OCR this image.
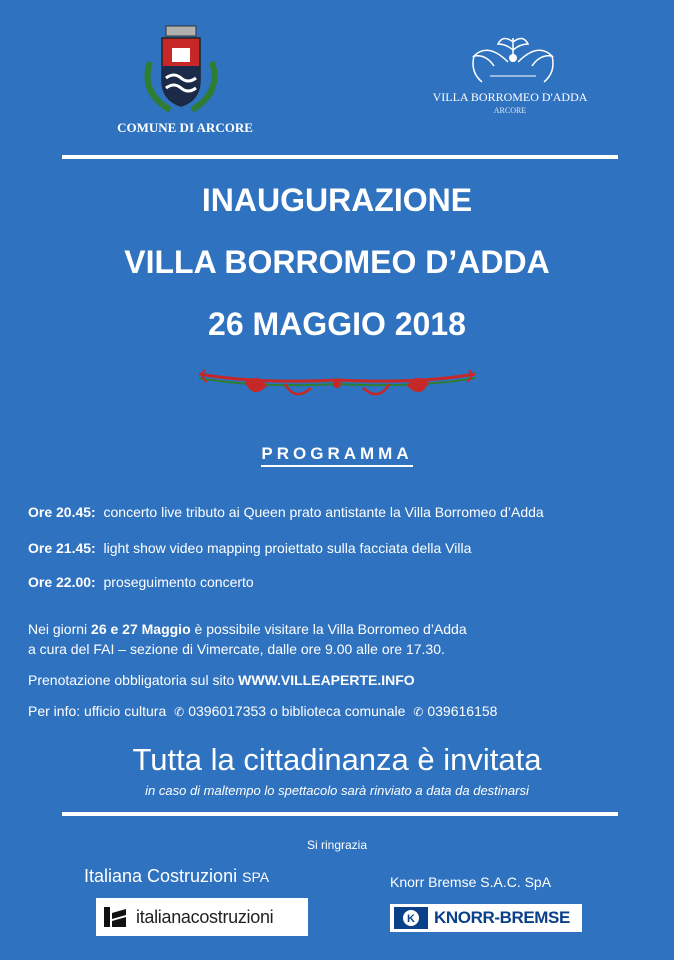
COMUNE DI ARCORE
VILLA BORROMEO D'ADDA
ARCORE
INAUGURAZIONE
VILLA BORROMEO D’ADDA
26 MAGGIO 2018
PROGRAMMA
Ore 20.45: concerto live tributo ai Queen prato antistante la Villa Borromeo d’Adda
Ore 21.45: light show video mapping proiettato sulla facciata della Villa
Ore 22.00: proseguimento concerto
Nei giorni 26 e 27 Maggio è possibile visitare la Villa Borromeo d’Adda
a cura del FAI – sezione di Vimercate, dalle ore 9.00 alle ore 17.30.
Prenotazione obbligatoria sul sito WWW.VILLEAPERTE.INFO
Per info: ufficio cultura ✆ 0396017353 o biblioteca comunale ✆ 039616158
Tutta la cittadinanza è invitata
in caso di maltempo lo spettacolo sarà rinviato a data da destinarsi
Si ringrazia
Italiana Costruzioni SPA	Knorr Bremse S.A.C. SpA
italianacostruzioni	K KNORR-BREMSE
